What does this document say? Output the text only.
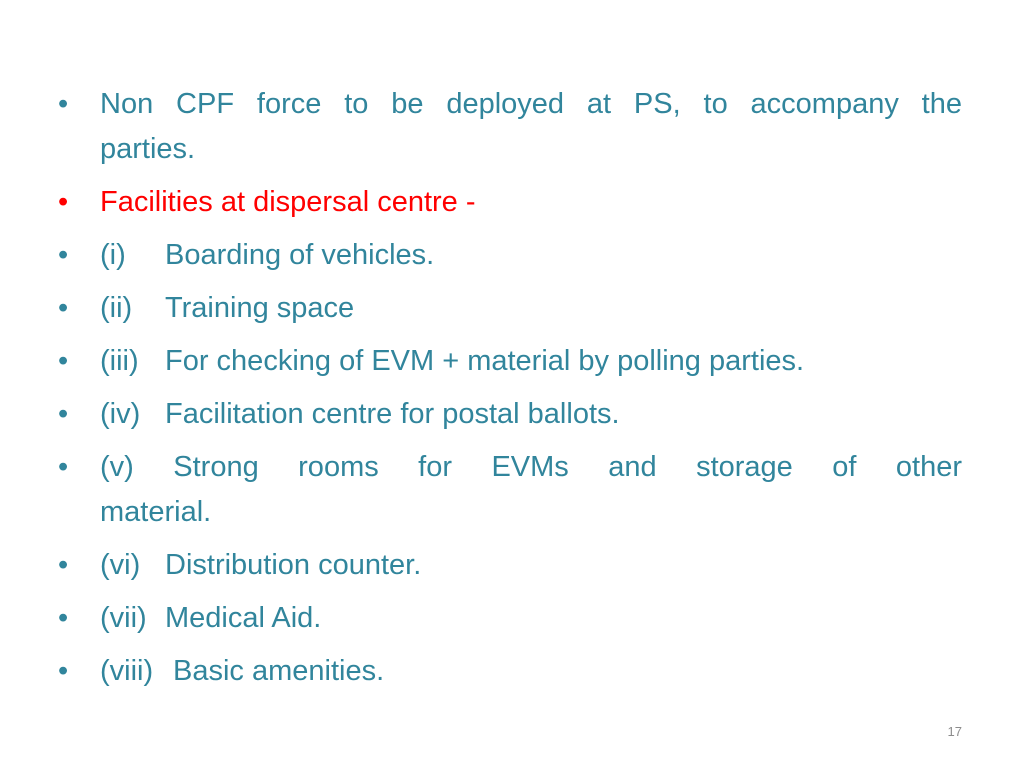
•	Non CPF force to be deployed at PS, to accompany the
parties.
•	Facilities at dispersal centre -
•	(i)	Boarding of vehicles.
•	(ii)	Training space
•	(iii) For checking of EVM + material by polling parties.
•	(iv) Facilitation centre for postal ballots.
•	(v) Strong rooms for EVMs and storage of other
material.
•	(vi) Distribution counter.
•	(vii) Medical Aid.
•	(viii) Basic amenities.
17
